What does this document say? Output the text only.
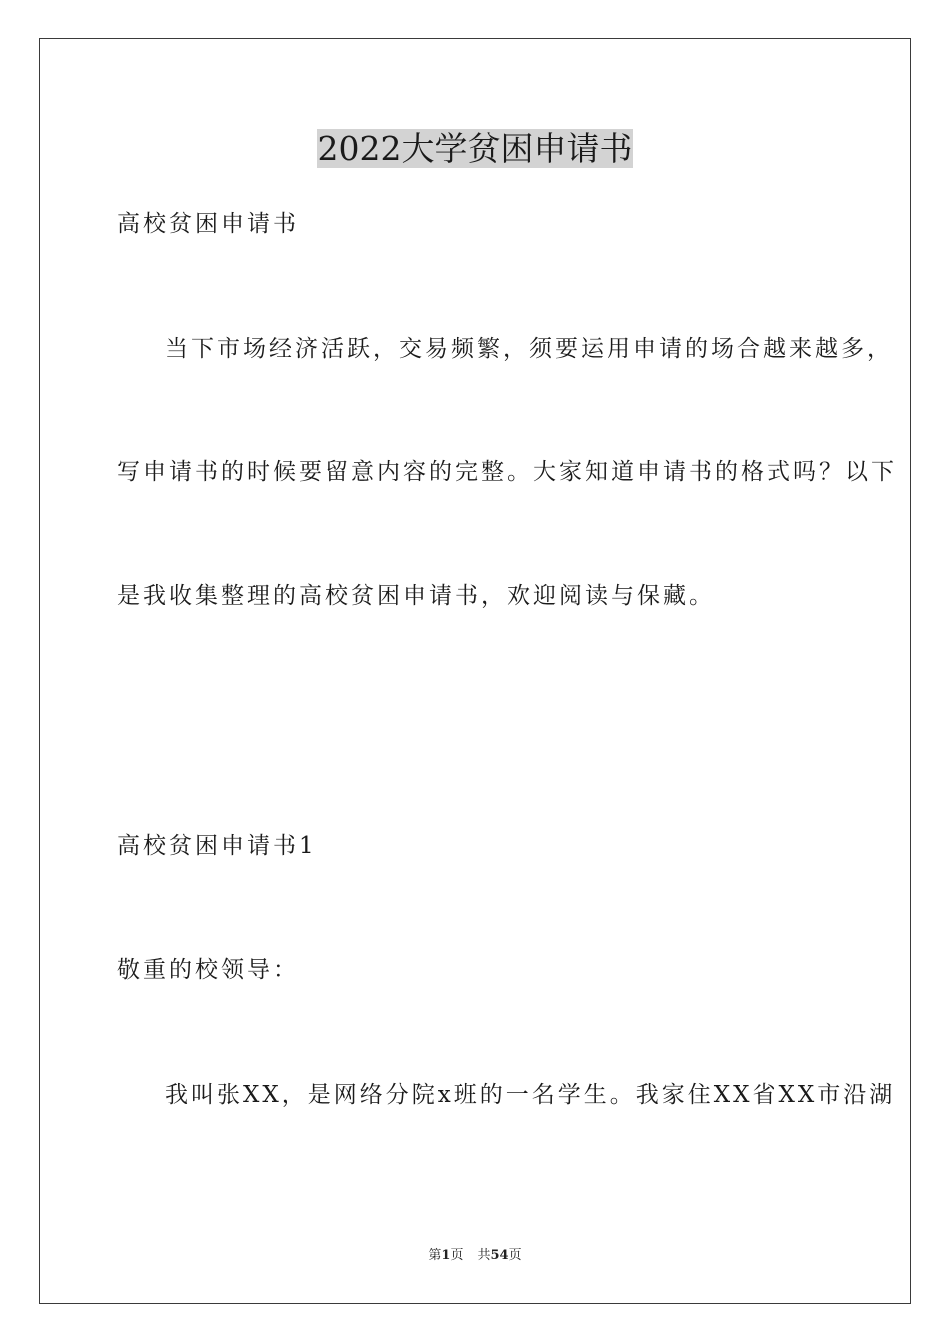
2022大学贫困申请书

高校贫困申请书

当下市场经济活跃，交易频繁，须要运用申请的场合越来越多，

写申请书的时候要留意内容的完整。大家知道申请书的格式吗？以下

是我收集整理的高校贫困申请书，欢迎阅读与保藏。

高校贫困申请书1

敬重的校领导：

我叫张XX，是网络分院x班的一名学生。我家住XX省XX市沿湖

第1页 共54页
